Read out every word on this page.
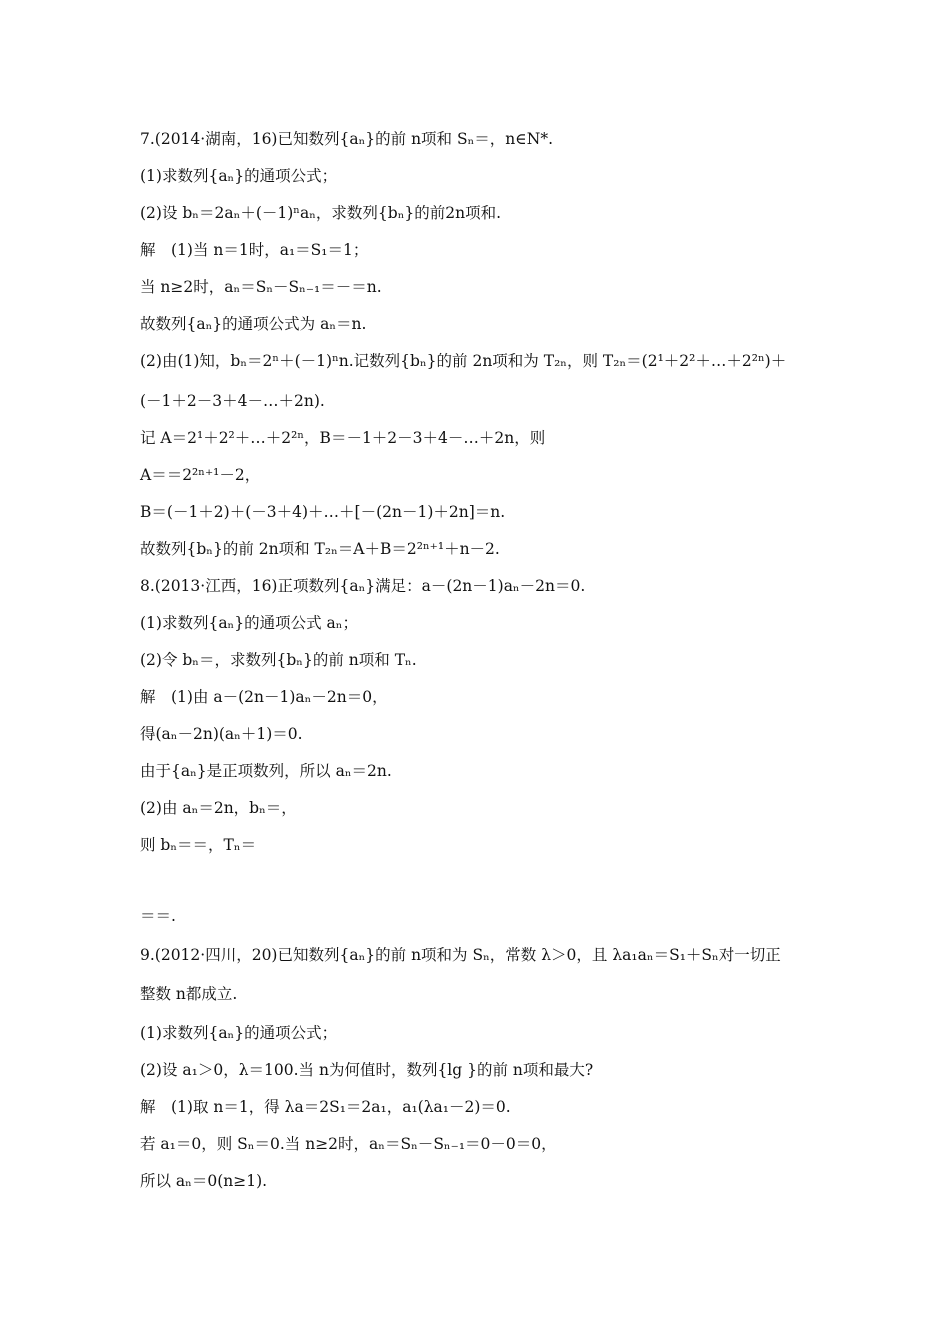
7.(2014·湖南，16)已知数列{aₙ}的前 n项和 Sₙ＝，n∈N*.
(1)求数列{aₙ}的通项公式；
(2)设 bₙ＝2aₙ＋(－1)ⁿaₙ，求数列{bₙ}的前2n项和.
解　(1)当 n＝1时，a₁＝S₁＝1；
当 n≥2时，aₙ＝Sₙ－Sₙ₋₁＝－＝n.
故数列{aₙ}的通项公式为 aₙ＝n.
(2)由(1)知，bₙ＝2ⁿ＋(－1)ⁿn.记数列{bₙ}的前 2n项和为 T₂ₙ，则 T₂ₙ＝(2¹＋2²＋…＋2²ⁿ)＋
(－1＋2－3＋4－…＋2n).
记 A＝2¹＋2²＋…＋2²ⁿ，B＝－1＋2－3＋4－…＋2n，则
A＝＝2²ⁿ⁺¹－2，
B＝(－1＋2)＋(－3＋4)＋…＋[－(2n－1)＋2n]＝n.
故数列{bₙ}的前 2n项和 T₂ₙ＝A＋B＝2²ⁿ⁺¹＋n－2.
8.(2013·江西，16)正项数列{aₙ}满足：a－(2n－1)aₙ－2n＝0.
(1)求数列{aₙ}的通项公式 aₙ；
(2)令 bₙ＝，求数列{bₙ}的前 n项和 Tₙ.
解　(1)由 a－(2n－1)aₙ－2n＝0，
得(aₙ－2n)(aₙ＋1)＝0.
由于{aₙ}是正项数列，所以 aₙ＝2n.
(2)由 aₙ＝2n，bₙ＝，
则 bₙ＝＝，Tₙ＝
＝＝.
9.(2012·四川，20)已知数列{aₙ}的前 n项和为 Sₙ，常数 λ＞0，且 λa₁aₙ＝S₁＋Sₙ对一切正
整数 n都成立.
(1)求数列{aₙ}的通项公式；
(2)设 a₁＞0，λ＝100.当 n为何值时，数列{lg }的前 n项和最大?
解　(1)取 n＝1，得 λa＝2S₁＝2a₁，a₁(λa₁－2)＝0.
若 a₁＝0，则 Sₙ＝0.当 n≥2时，aₙ＝Sₙ－Sₙ₋₁＝0－0＝0，
所以 aₙ＝0(n≥1).
